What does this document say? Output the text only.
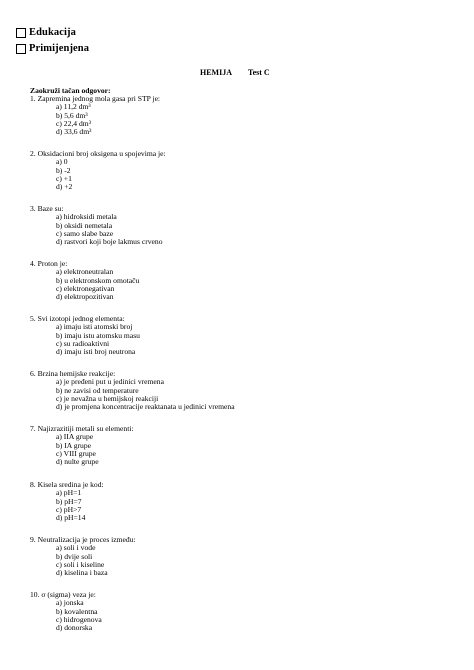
Edukacija
Primijenjena
HEMIJA Test C
Zaokruži tačan odgovor:
1. Zapremina jednog mola gasa pri STP je:
a) 11,2 dm³
b) 5,6 dm³
c) 22,4 dm³
d) 33,6 dm³
2. Oksidacioni broj oksigena u spojevima je:
a) 0
b) -2
c) +1
d) +2
3. Baze su:
a) hidroksidi metala
b) oksidi nemetala
c) samo slabe baze
d) rastvori koji boje lakmus crveno
4. Proton je:
a) elektroneutralan
b) u elektronskom omotaču
c) elektronegativan
d) elektropozitivan
5. Svi izotopi jednog elementa:
a) imaju isti atomski broj
b) imaju istu atomsku masu
c) su radioaktivni
d) imaju isti broj neutrona
6. Brzina hemijske reakcije:
a) je pređeni put u jedinici vremena
b) ne zavisi od temperature
c) je nevažna u hemijskoj reakciji
d) je promjena koncentracije reaktanata u jedinici vremena
7. Najizrazitiji metali su elementi:
a) IIA grupe
b) IA grupe
c) VIII grupe
d) nulte grupe
8. Kisela sredina je kod:
a) pH=1
b) pH=7
c) pH>7
d) pH=14
9. Neutralizacija je proces između:
a) soli i vode
b) dvije soli
c) soli i kiseline
d) kiselina i baza
10. σ (sigma) veza je:
a) jonska
b) kovalentna
c) hidrogenova
d) donorska
